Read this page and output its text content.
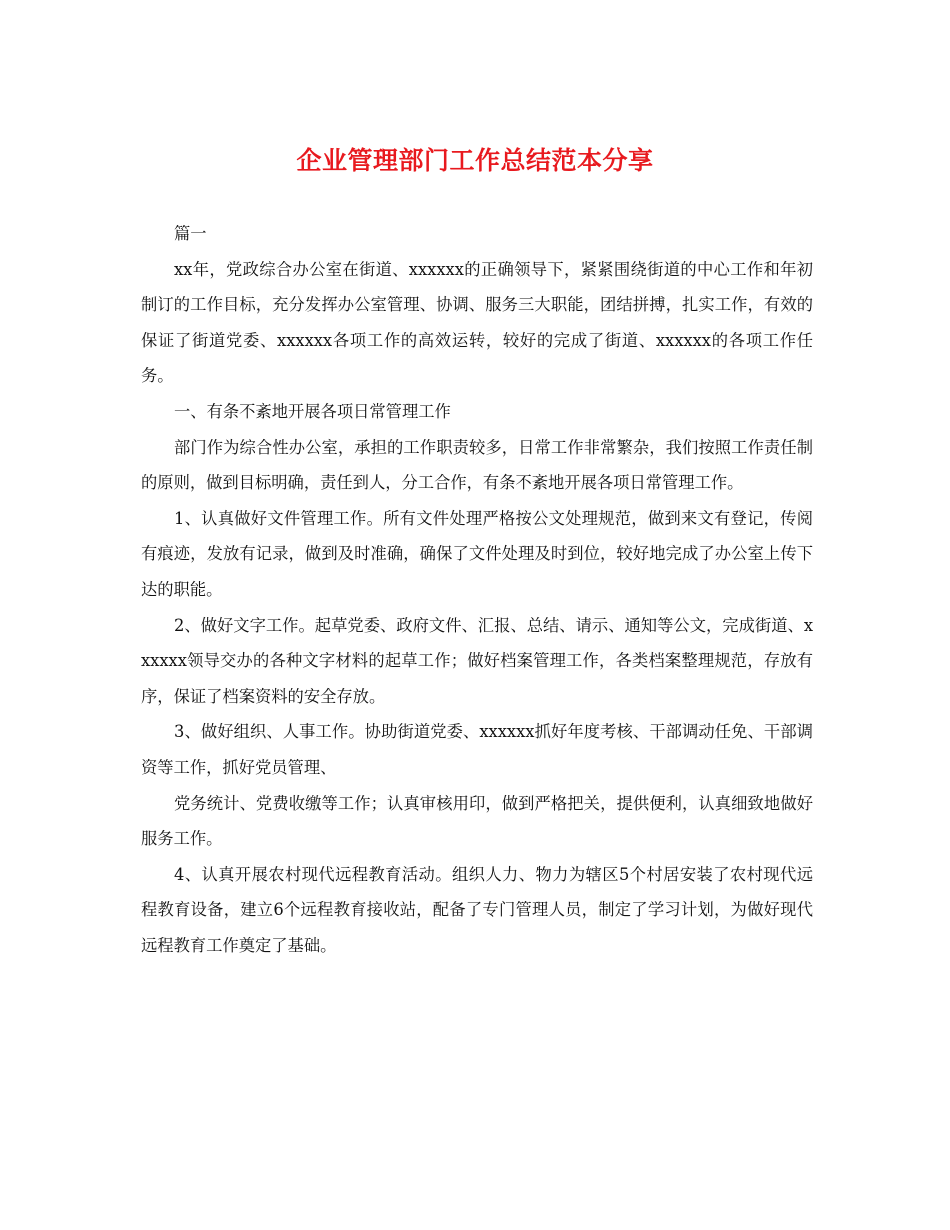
企业管理部门工作总结范本分享

篇一

xx年，党政综合办公室在街道、xxxxxx的正确领导下，紧紧围绕街道的中心工作和年初制订的工作目标，充分发挥办公室管理、协调、服务三大职能，团结拼搏，扎实工作，有效的保证了街道党委、xxxxxx各项工作的高效运转，较好的完成了街道、xxxxxx的各项工作任务。

一、有条不紊地开展各项日常管理工作

部门作为综合性办公室，承担的工作职责较多，日常工作非常繁杂，我们按照工作责任制的原则，做到目标明确，责任到人，分工合作，有条不紊地开展各项日常管理工作。

1、认真做好文件管理工作。所有文件处理严格按公文处理规范，做到来文有登记，传阅有痕迹，发放有记录，做到及时准确，确保了文件处理及时到位，较好地完成了办公室上传下达的职能。

2、做好文字工作。起草党委、政府文件、汇报、总结、请示、通知等公文，完成街道、xxxxxx领导交办的各种文字材料的起草工作；做好档案管理工作，各类档案整理规范，存放有序，保证了档案资料的安全存放。

3、做好组织、人事工作。协助街道党委、xxxxxx抓好年度考核、干部调动任免、干部调资等工作，抓好党员管理、

党务统计、党费收缴等工作；认真审核用印，做到严格把关，提供便利，认真细致地做好服务工作。

4、认真开展农村现代远程教育活动。组织人力、物力为辖区5个村居安装了农村现代远程教育设备，建立6个远程教育接收站，配备了专门管理人员，制定了学习计划，为做好现代远程教育工作奠定了基础。
